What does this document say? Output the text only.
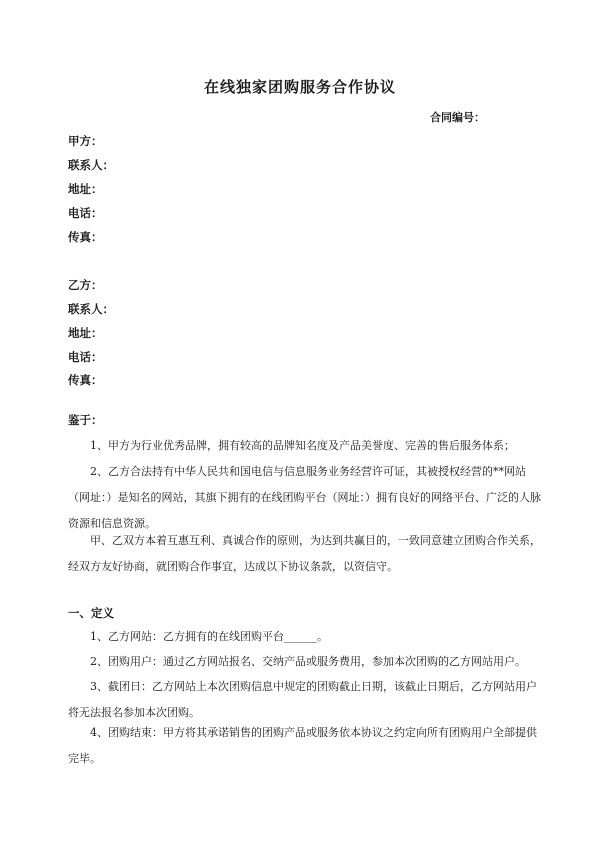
在线独家团购服务合作协议
合同编号：
甲方：
联系人：
地址：
电话：
传真：
乙方：
联系人：
地址：
电话：
传真：
鉴于：
1、甲方为行业优秀品牌，拥有较高的品牌知名度及产品美誉度、完善的售后服务体系；
2、乙方合法持有中华人民共和国电信与信息服务业务经营许可证，其被授权经营的**网站（网址：）是知名的网站，其旗下拥有的在线团购平台（网址：）拥有良好的网络平台、广泛的人脉资源和信息资源。
甲、乙双方本着互惠互利、真诚合作的原则，为达到共赢目的，一致同意建立团购合作关系，经双方友好协商，就团购合作事宜，达成以下协议条款，以资信守。
一、定义
1、乙方网站：乙方拥有的在线团购平台______。
2、团购用户：通过乙方网站报名、交纳产品或服务费用，参加本次团购的乙方网站用户。
3、截团日：乙方网站上本次团购信息中规定的团购截止日期，该截止日期后，乙方网站用户将无法报名参加本次团购。
4、团购结束：甲方将其承诺销售的团购产品或服务依本协议之约定向所有团购用户全部提供完毕。
